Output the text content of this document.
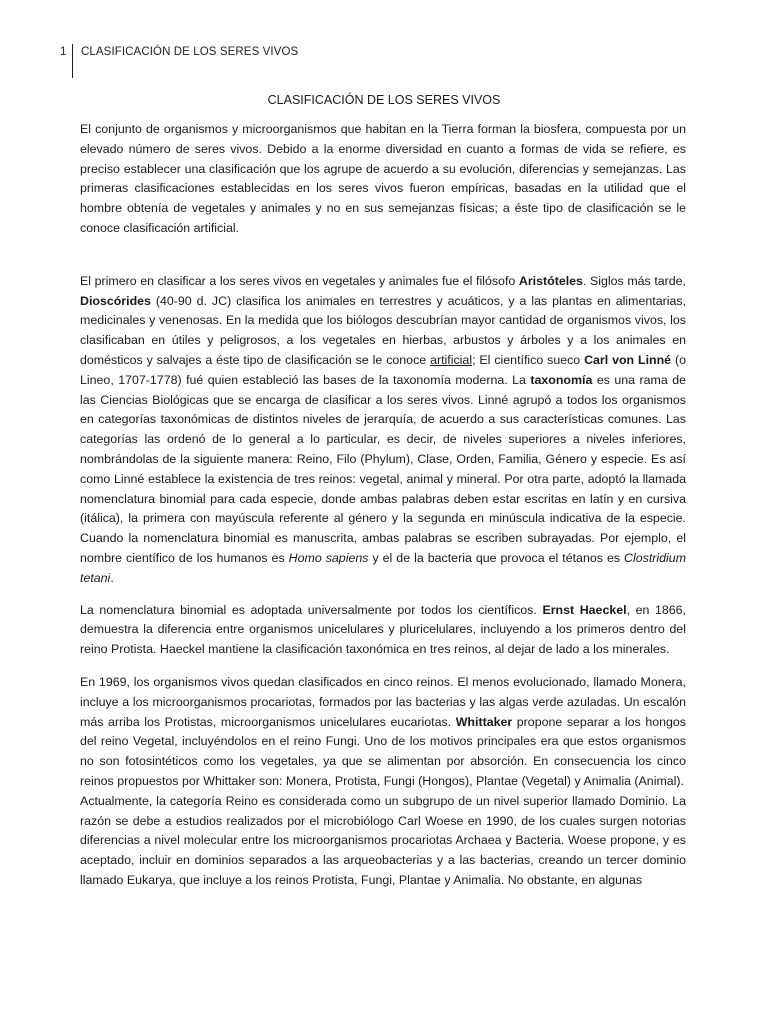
1	CLASIFICACIÓN DE LOS SERES VIVOS
CLASIFICACIÓN DE LOS SERES VIVOS

El conjunto de organismos y microorganismos que habitan en la Tierra forman la biosfera, compuesta por un elevado número de seres vivos. Debido a la enorme diversidad en cuanto a formas de vida se refiere, es preciso establecer una clasificación que los agrupe de acuerdo a su evolución, diferencias y semejanzas. Las primeras clasificaciones establecidas en los seres vivos fueron empíricas, basadas en la utilidad que el hombre obtenía de vegetales y animales y no en sus semejanzas físicas; a éste tipo de clasificación se le conoce clasificación artificial.

El primero en clasificar a los seres vivos en vegetales y animales fue el filósofo Aristóteles. Siglos más tarde, Dioscórides (40-90 d. JC) clasifica los animales en terrestres y acuáticos, y a las plantas en alimentarias, medicinales y venenosas. En la medida que los biólogos descubrían mayor cantidad de organismos vivos, los clasificaban en útiles y peligrosos, a los vegetales en hierbas, arbustos y árboles y a los animales en domésticos y salvajes a éste tipo de clasificación se le conoce artificial; El científico sueco Carl von Linné (o Lineo, 1707-1778) fué quien estableció las bases de la taxonomía moderna. La taxonomía es una rama de las Ciencias Biológicas que se encarga de clasificar a los seres vivos. Linné agrupó a todos los organismos en categorías taxonómicas de distintos niveles de jerarquía, de acuerdo a sus características comunes. Las categorías las ordenó de lo general a lo particular, es decir, de niveles superiores a niveles inferiores, nombrándolas de la siguiente manera: Reino, Filo (Phylum), Clase, Orden, Familia, Género y especie. Es así como Linné establece la existencia de tres reinos: vegetal, animal y mineral. Por otra parte, adoptó la llamada nomenclatura binomial para cada especie, donde ambas palabras deben estar escritas en latín y en cursiva (itálica), la primera con mayúscula referente al género y la segunda en minúscula indicativa de la especie. Cuando la nomenclatura binomial es manuscrita, ambas palabras se escriben subrayadas. Por ejemplo, el nombre científico de los humanos es Homo sapiens y el de la bacteria que provoca el tétanos es Clostridium tetani.

La nomenclatura binomial es adoptada universalmente por todos los científicos. Ernst Haeckel, en 1866, demuestra la diferencia entre organismos unicelulares y pluricelulares, incluyendo a los primeros dentro del reino Protista. Haeckel mantiene la clasificación taxonómica en tres reinos, al dejar de lado a los minerales.

En 1969, los organismos vivos quedan clasificados en cinco reinos. El menos evolucionado, llamado Monera, incluye a los microorganismos procariotas, formados por las bacterias y las algas verde azuladas. Un escalón más arriba los Protistas, microorganismos unicelulares eucariotas. Whittaker propone separar a los hongos del reino Vegetal, incluyéndolos en el reino Fungi. Uno de los motivos principales era que estos organismos no son fotosintéticos como los vegetales, ya que se alimentan por absorción. En consecuencia los cinco reinos propuestos por Whittaker son: Monera, Protista, Fungi (Hongos), Plantae (Vegetal) y Animalia (Animal).

Actualmente, la categoría Reino es considerada como un subgrupo de un nivel superior llamado Dominio. La razón se debe a estudios realizados por el microbiólogo Carl Woese en 1990, de los cuales surgen notorias diferencias a nivel molecular entre los microorganismos procariotas Archaea y Bacteria. Woese propone, y es aceptado, incluir en dominios separados a las arqueobacterias y a las bacterias, creando un tercer dominio llamado Eukarya, que incluye a los reinos Protista, Fungi, Plantae y Animalia. No obstante, en algunas
